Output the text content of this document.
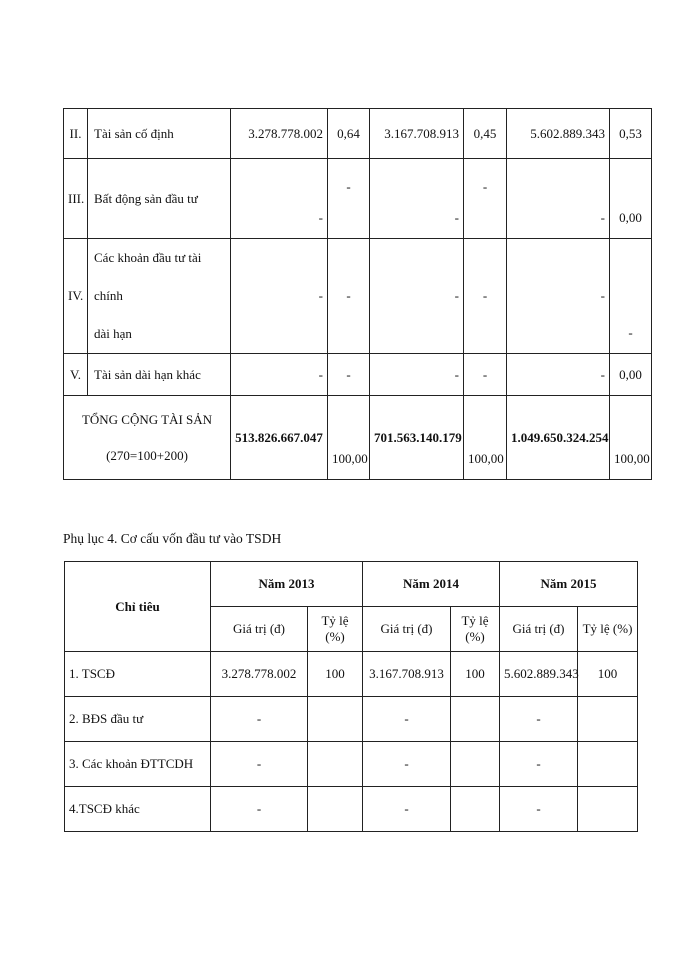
II.	Tài sản cố định	3.278.778.002	0,64	3.167.708.913	0,45	5.602.889.343	0,53
III.	Bất động sản đầu tư	-	-	-	-	-	0,00
IV.	Các khoản đầu tư tài chính
dài hạn	-	-	-	-	-	-
V.	Tài sản dài hạn khác	-	-	-	-	-	0,00

TỔNG CỘNG TÀI SẢN
(270=100+200)		513.826.667.047	100,00	701.563.140.179	100,00	1.049.650.324.254	100,00
Phụ lục 4. Cơ cấu vốn đầu tư vào TSDH
Chỉ tiêu	Năm 2013		Năm 2014		Năm 2015	
	Giá trị (đ)	Tỷ lệ (%)	Giá trị (đ)	Tỷ lệ (%)	Giá trị (đ)	Tỷ lệ (%)
1. TSCĐ	3.278.778.002	100	3.167.708.913	100	5.602.889.343	100
2. BĐS đầu tư	-		-		-	
3. Các khoản ĐTTCDH	-		-		-	
4.TSCĐ khác	-		-		-	
